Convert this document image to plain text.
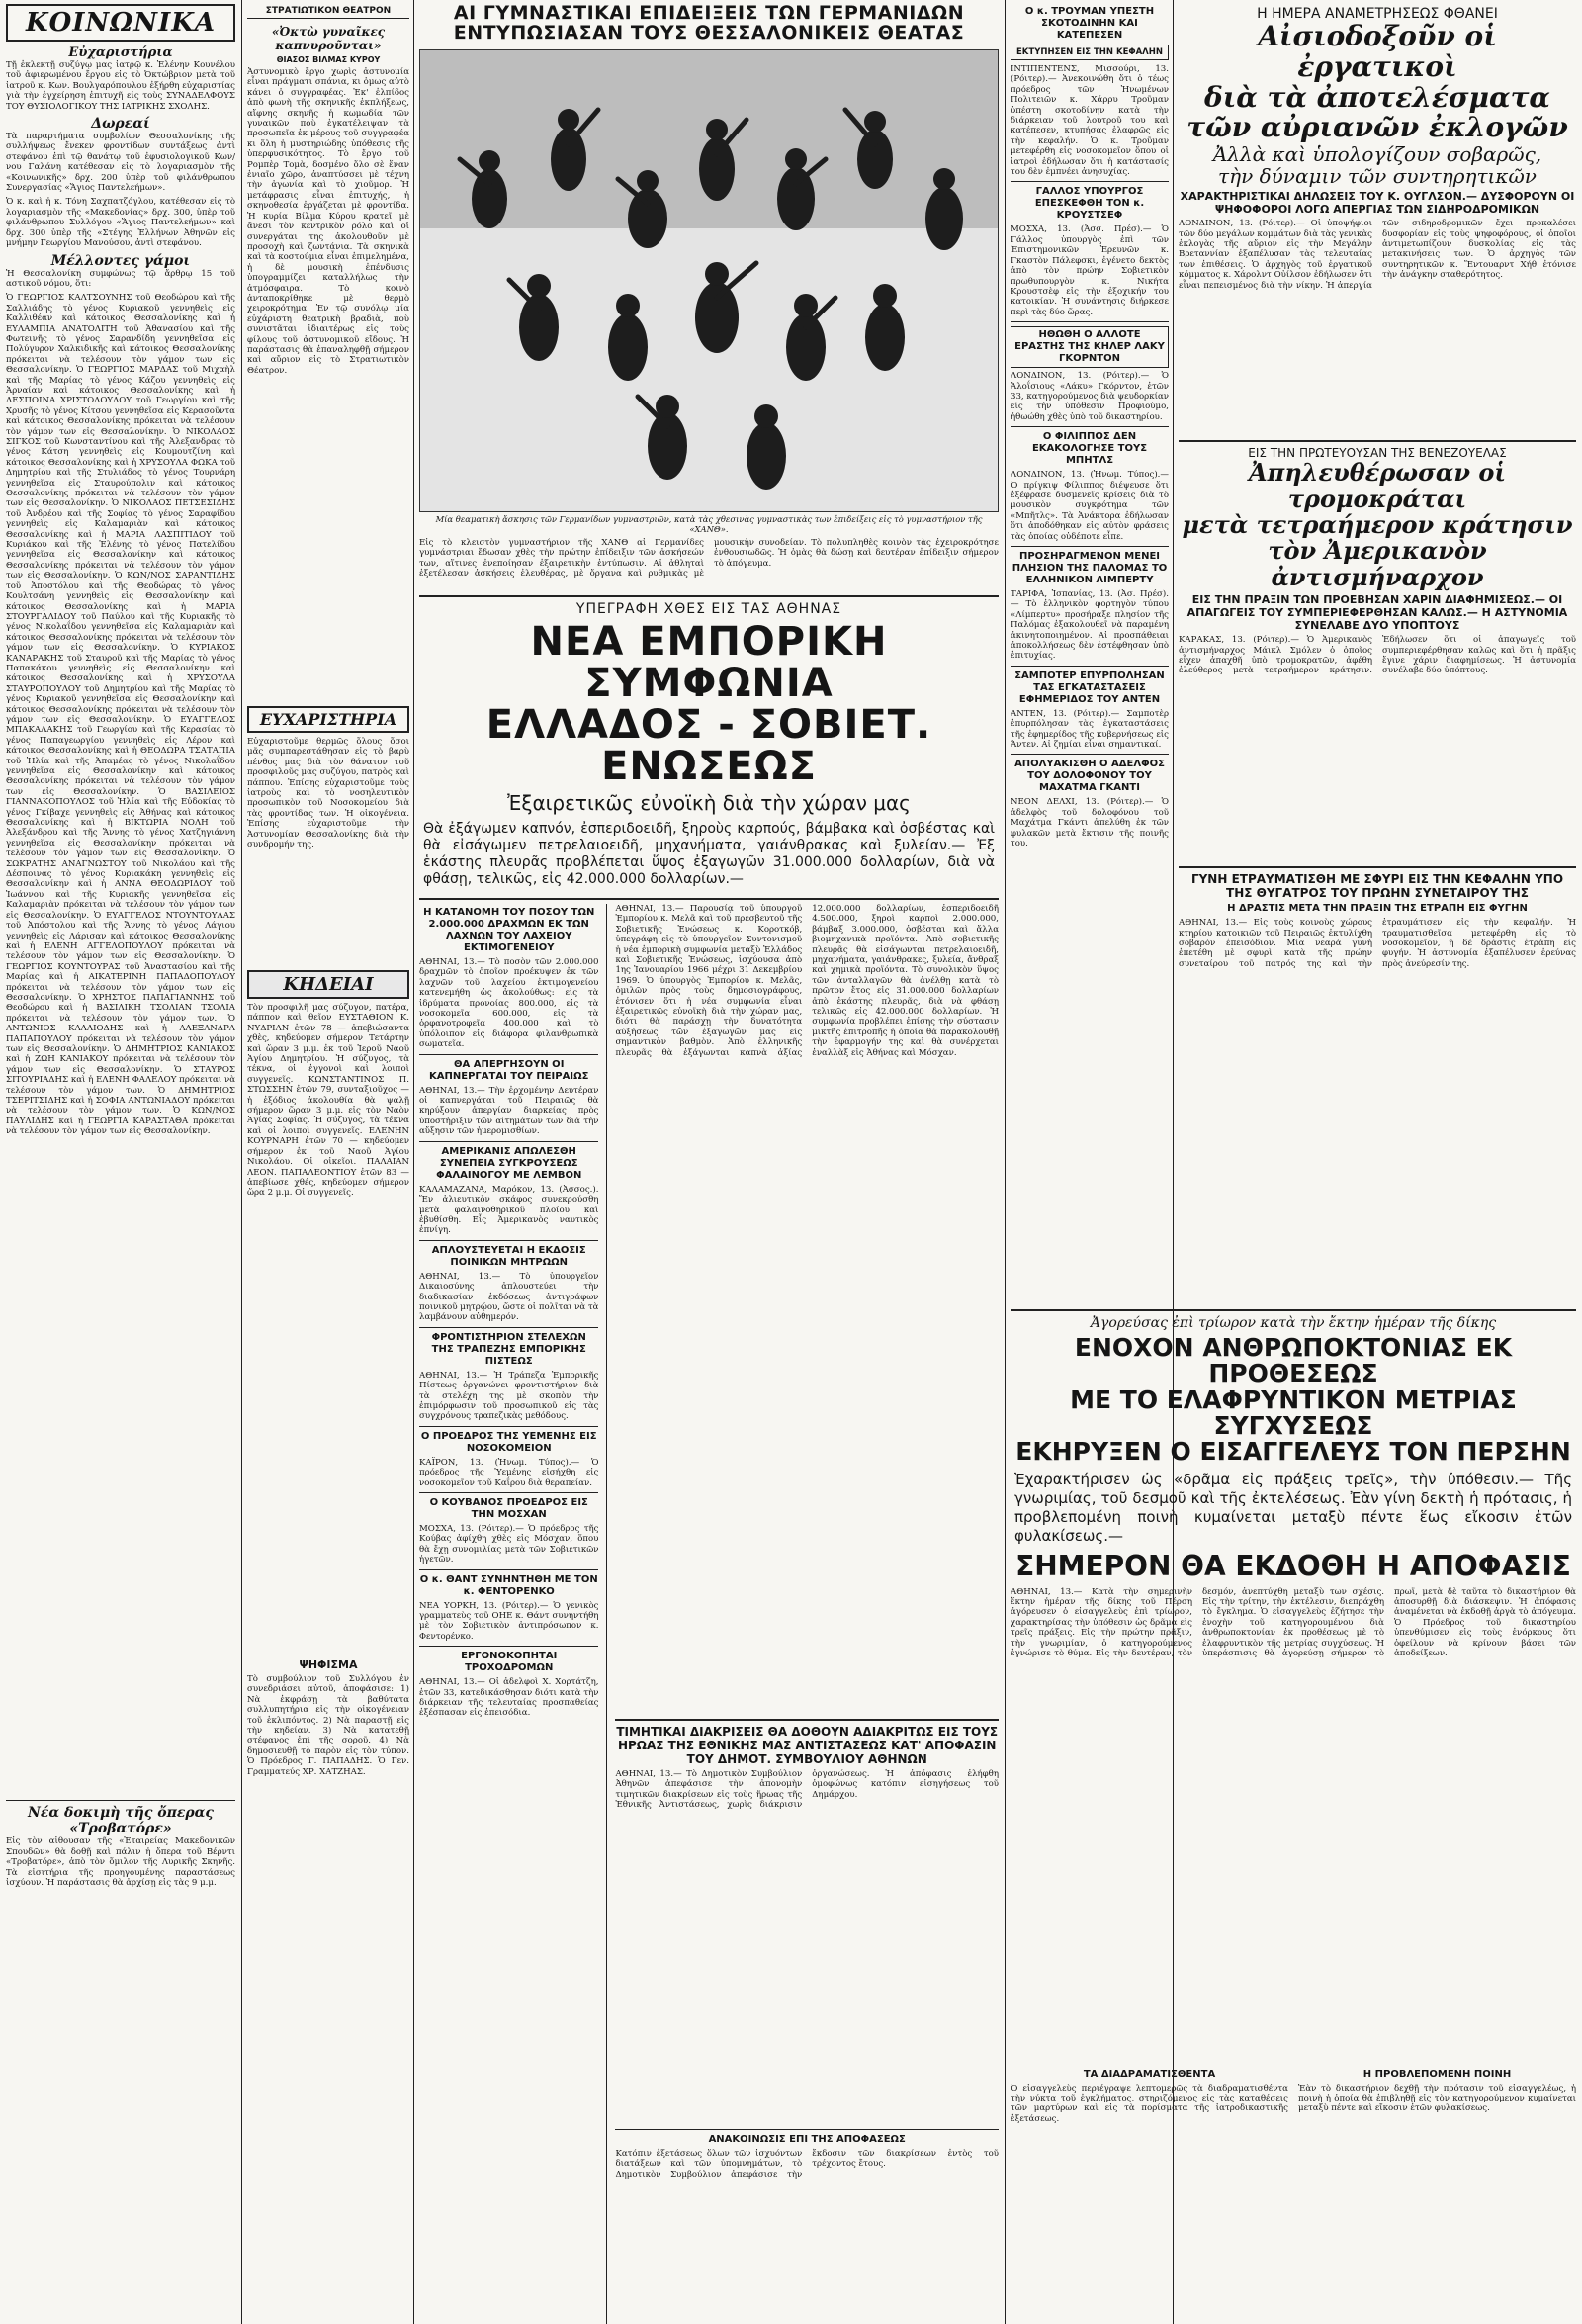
ΚΟΙΝΩΝΙΚΑ
Εὐχαριστήρια
Τῇ ἐκλεκτῇ συζύγῳ μας ἰατρῷ κ. Ἐλένην Κουνέλου τοῦ ἀφιερωμένου ἔργου εἰς τὸ Ὀκτώβριον μετὰ τοῦ ἰατροῦ κ. Κων. Βουλγαρόπουλου ἐξήρθη εὐχαριστίας γιὰ τὴν ἐγχείρηση ἐπιτυχῆ εἰς τοὺς ΣΥΝΑΔΕΛΦΟΥΣ ΤΟΥ ΘΥΣΙΟΛΟΓΙΚΟΥ ΤΗΣ ΙΑΤΡΙΚΗΣ ΣΧΟΛΗΣ.
Δωρεαί
Τὰ παραρτήματα συμβολίων Θεσσαλονίκης τῆς συλλήψεως ἔνεκεν φροντίδων συντάξεως ἀντὶ στεφάνου ἐπὶ τῷ θανάτῳ τοῦ ἐφυσιολογικοῦ Κων/νου Γαλάνη κατέθεσαν εἰς τὸ λογαριασμὸν τῆς «Κοινωνικῆς» δρχ. 200 ὑπὲρ τοῦ φιλάνθρωπου Συνεργασίας «Ἅγιος Παντελεήμων».
Ὁ κ. καὶ ἡ κ. Τόνη Σαχπατζόγλου, κατέθεσαν εἰς τὸ λογαριασμὸν τῆς «Μακεδονίας» δρχ. 300, ὑπὲρ τοῦ φιλάνθρωπου Συλλόγου «Ἅγιος Παντελεήμων» καὶ δρχ. 300 ὑπὲρ τῆς «Στέγης Ἑλλήνων Ἀθηνῶν εἰς μνήμην Γεωργίου Μανούσου, ἀντὶ στεφάνου.
Μέλλοντες γάμοι
Ἡ Θεσσαλονίκη συμφώνως τῷ ἄρθρῳ 15 τοῦ αστικοῦ νόμου, ὅτι:
Ὁ ΓΕΩΡΓΙΟΣ ΚΑΛΤΣΟΥΝΗΣ τοῦ Θεοδώρου καὶ τῆς Σαλλιάδης τὸ γένος Κυριακοῦ γεννηθεὶς εἰς Καλλιθέαν καὶ κάτοικος Θεσσαλονίκης καὶ ἡ ΕΥΛΑΜΠΙΑ ΑΝΑΤΟΛΙΤΗ τοῦ Ἀθανασίου καὶ τῆς Φωτεινῆς τὸ γένος Σαρανδίδη γεννηθεῖσα εἰς Πολύγυρον Χαλκιδικῆς καὶ κάτοικος Θεσσαλονίκης πρόκειται νὰ τελέσουν τὸν γάμον των εἰς Θεσσαλονίκην. Ὁ ΓΕΩΡΓΙΟΣ ΜΑΡΔΑΣ τοῦ Μιχαὴλ καὶ τῆς Μαρίας τὸ γένος Κάζου γεννηθεὶς εἰς Ἀρναίαν καὶ κάτοικος Θεσσαλονίκης καὶ ἡ ΔΕΣΠΟΙΝΑ ΧΡΙΣΤΟΔΟΥΛΟΥ τοῦ Γεωργίου καὶ τῆς Χρυσῆς τὸ γένος Κίτσου γεννηθεῖσα εἰς Κερασοῦντα καὶ κάτοικος Θεσσαλονίκης πρόκειται νὰ τελέσουν τὸν γάμον των εἰς Θεσσαλονίκην. Ὁ ΝΙΚΟΛΑΟΣ ΣΙΓΚΟΣ τοῦ Κωνσταντίνου καὶ τῆς Ἀλεξανδρας τὸ γένος Κάτση γεννηθεὶς εἰς Κουμουτζίνη καὶ κάτοικος Θεσσαλονίκης καὶ ἡ ΧΡΥΣΟΥΛΑ ΦΩΚΑ τοῦ Δημητρίου καὶ τῆς Στυλιάδος τὸ γένος Τουρνάρη γεννηθεῖσα εἰς Σταυρούπολιν καὶ κάτοικος Θεσσαλονίκης πρόκειται νὰ τελέσουν τὸν γάμον των εἰς Θεσσαλονίκην. Ὁ ΝΙΚΟΛΑΟΣ ΠΕΤΣΕΣΙΔΗΣ τοῦ Ἀνδρέου καὶ τῆς Σοφίας τὸ γένος Σαραφίδου γεννηθεὶς εἰς Καλαμαριὰν καὶ κάτοικος Θεσσαλονίκης καὶ ἡ ΜΑΡΙΑ ΛΑΣΠΙΤΙΔΟΥ τοῦ Κυριάκου καὶ τῆς Ἐλένης τὸ γένος Πατελίδου γεννηθεῖσα εἰς Θεσσαλονίκην καὶ κάτοικος Θεσσαλονίκης πρόκειται νὰ τελέσουν τὸν γάμον των εἰς Θεσσαλονίκην. Ὁ ΚΩΝ/ΝΟΣ ΣΑΡΑΝΤΙΔΗΣ τοῦ Ἀποστόλου καὶ τῆς Θεοδώρας τὸ γένος Κουλτσάνη γεννηθεὶς εἰς Θεσσαλονίκην καὶ κάτοικος Θεσσαλονίκης καὶ ἡ ΜΑΡΙΑ ΣΤΟΥΡΓΑΛΙΔΟΥ τοῦ Παύλου καὶ τῆς Κυριακῆς τὸ γένος Νικολαΐδου γεννηθεῖσα εἰς Καλαμαριὰν καὶ κάτοικος Θεσσαλονίκης πρόκειται νὰ τελέσουν τὸν γάμον των εἰς Θεσσαλονίκην. Ὁ ΚΥΡΙΑΚΟΣ ΚΑΝΑΡΑΚΗΣ τοῦ Σταυροῦ καὶ τῆς Μαρίας τὸ γένος Παπακάκου γεννηθεὶς εἰς Θεσσαλονίκην καὶ κάτοικος Θεσσαλονίκης καὶ ἡ ΧΡΥΣΟΥΛΑ ΣΤΑΥΡΟΠΟΥΛΟΥ τοῦ Δημητρίου καὶ τῆς Μαρίας τὸ γένος Κυριακοῦ γεννηθεῖσα εἰς Θεσσαλονίκην καὶ κάτοικος Θεσσαλονίκης πρόκειται νὰ τελέσουν τὸν γάμον των εἰς Θεσσαλονίκην. Ὁ ΕΥΑΓΓΕΛΟΣ ΜΠΑΚΑΛΑΚΗΣ τοῦ Γεωργίου καὶ τῆς Κερασίας τὸ γένος Παπαγεωργίου γεννηθεὶς εἰς Λέρον καὶ κάτοικος Θεσσαλονίκης καὶ ἡ ΘΕΟΔΩΡΑ ΤΣΑΤΑΠΙΑ τοῦ Ἠλία καὶ τῆς Ἀπαμέας τὸ γένος Νικολαΐδου γεννηθεῖσα εἰς Θεσσαλονίκην καὶ κάτοικος Θεσσαλονίκης πρόκειται νὰ τελέσουν τὸν γάμον των εἰς Θεσσαλονίκην. Ὁ ΒΑΣΙΛΕΙΟΣ ΓΙΑΝΝΑΚΟΠΟΥΛΟΣ τοῦ Ἠλία καὶ τῆς Εὐδοκίας τὸ γένος Γκίβαχε γεννηθεὶς εἰς Ἀθήνας καὶ κάτοικος Θεσσαλονίκης καὶ ἡ ΒΙΚΤΩΡΙΑ ΝΟΛΗ τοῦ Ἀλεξάνδρου καὶ τῆς Ἄννης τὸ γένος Χατζηγιάννη γεννηθεῖσα εἰς Θεσσαλονίκην πρόκειται νὰ τελέσουν τὸν γάμον των εἰς Θεσσαλονίκην. Ὁ ΣΩΚΡΑΤΗΣ ΑΝΑΓΝΩΣΤΟΥ τοῦ Νικολάου καὶ τῆς Δέσποινας τὸ γένος Κυριακάκη γεννηθεὶς εἰς Θεσσαλονίκην καὶ ἡ ΑΝΝΑ ΘΕΟΔΩΡΙΔΟΥ τοῦ Ἰωάννου καὶ τῆς Κυριακῆς γεννηθεῖσα εἰς Καλαμαριὰν πρόκειται νὰ τελέσουν τὸν γάμον των εἰς Θεσσαλονίκην. Ὁ ΕΥΑΓΓΕΛΟΣ ΝΤΟΥΝΤΟΥΛΑΣ τοῦ Ἀπόστολου καὶ τῆς Ἄννης τὸ γένος Λάγιου γεννηθεὶς εἰς Λάρισαν καὶ κάτοικος Θεσσαλονίκης καὶ ἡ ΕΛΕΝΗ ΑΓΓΕΛΟΠΟΥΛΟΥ πρόκειται νὰ τελέσουν τὸν γάμον των εἰς Θεσσαλονίκην. Ὁ ΓΕΩΡΓΙΟΣ ΚΟΥΝΤΟΥΡΑΣ τοῦ Ἀναστασίου καὶ τῆς Μαρίας καὶ ἡ ΑΙΚΑΤΕΡΙΝΗ ΠΑΠΑΔΟΠΟΥΛΟΥ πρόκειται νὰ τελέσουν τὸν γάμον των εἰς Θεσσαλονίκην. Ὁ ΧΡΗΣΤΟΣ ΠΑΠΑΓΙΑΝΝΗΣ τοῦ Θεοδώρου καὶ ἡ ΒΑΣΙΛΙΚΗ ΤΣΟΛΙΑΝ ΤΣΟΛΙΑ πρόκειται νὰ τελέσουν τὸν γάμον των. Ὁ ΑΝΤΩΝΙΟΣ ΚΑΛΛΙΟΔΗΣ καὶ ἡ ΑΛΕΞΑΝΔΡΑ ΠΑΠΑΠΟΥΛΟΥ πρόκειται νὰ τελέσουν τὸν γάμον των εἰς Θεσσαλονίκην. Ὁ ΔΗΜΗΤΡΙΟΣ ΚΑΝΙΑΚΟΣ καὶ ἡ ΖΩΗ ΚΑΝΙΑΚΟΥ πρόκειται νὰ τελέσουν τὸν γάμον των εἰς Θεσσαλονίκην. Ὁ ΣΤΑΥΡΟΣ ΣΙΤΟΥΡΙΑΔΗΣ καὶ ἡ ΕΛΕΝΗ ΦΑΛΕΛΟΥ πρόκειται νὰ τελέσουν τὸν γάμον των. Ὁ ΔΗΜΗΤΡΙΟΣ ΤΣΕΡΙΤΣΙΔΗΣ καὶ ἡ ΣΟΦΙΑ ΑΝΤΩΝΙΑΔΟΥ πρόκειται νὰ τελέσουν τὸν γάμον των. Ὁ ΚΩΝ/ΝΟΣ ΠΑΥΛΙΔΗΣ καὶ ἡ ΓΕΩΡΓΙΑ ΚΑΡΑΣΤΑΘΑ πρόκειται νὰ τελέσουν τὸν γάμον των εἰς Θεσσαλονίκην.
Νέα δοκιμὴ τῆς ὄπερας «Τροβατόρε»
Εἰς τὸν αἰθουσαν τῆς «Ἑταιρείας Μακεδονικῶν Σπουδῶν» θὰ δοθῇ καὶ πάλιν ἡ ὄπερα τοῦ Βέρντι «Τροβατόρε», ἀπὸ τὸν ὅμιλον τῆς Λυρικῆς Σκηνῆς. Τὰ εἰσιτήρια τῆς προηγουμένης παραστάσεως ἰσχύουν. Ἡ παράστασις θὰ ἀρχίσῃ εἰς τὰς 9 μ.μ.
ΣΤΡΑΤΙΩΤΙΚΟΝ ΘΕΑΤΡΟΝ
«Ὀκτὼ γυναῖκες καπνυροῦνται»
ΘΙΑΣΟΣ ΒΙΛΜΑΣ ΚΥΡΟΥ
Ἀστυνομικὸ ἔργο χωρὶς ἀστυνομία εἶναι πράγματι σπάνια, κι ὁμως αὐτὸ κάνει ὁ συγγραφέας. Ἐκ' ἐλπίδος ἀπὸ φωνὴ τῆς σκηνικῆς ἐκπλήξεως, αἴφνης σκηνῆς ἡ κωμωδία τῶν γυναικῶν ποὺ ἐγκατέλειψαν τὰ προσωπεῖα ἐκ μέρους τοῦ συγγραφέα κι ὅλη ἡ μυστηριώδης ὑπόθεσις τῆς ὑπερφυσικότητος. Τὸ ἔργο τοῦ Ρομπὲρ Τομὰ, δοσμένο ὅλο σὲ ἕναν ἐνιαῖο χῶρο, ἀναπτύσσει μὲ τέχνη τὴν ἀγωνία καὶ τὸ χιοῦμορ. Ἡ μετάφρασις εἶναι ἐπιτυχής, ἡ σκηνοθεσία ἐργάζεται μὲ φροντίδα. Ἡ κυρία Βίλμα Κύρου κρατεῖ μὲ ἄνεσι τὸν κεντρικὸν ρόλο καὶ οἱ συνεργάται της ἀκολουθοῦν μὲ προσοχὴ καὶ ζωντάνια. Τὰ σκηνικὰ καὶ τὰ κοστούμια εἶναι ἐπιμελημένα, ἡ δὲ μουσικὴ ἐπένδυσις ὑπογραμμίζει καταλλήλως τὴν ἀτμόσφαιρα. Τὸ κοινὸ ἀνταποκρίθηκε μὲ θερμὸ χειροκρότημα. Ἐν τῷ συνόλῳ μία εὐχάριστη θεατρικὴ βραδιὰ, ποὺ συνιστᾶται ἰδιαιτέρως εἰς τοὺς φίλους τοῦ ἀστυνομικοῦ εἴδους. Ἡ παράστασις θὰ ἐπαναληφθῇ σήμερον καὶ αὔριον εἰς τὸ Στρατιωτικὸν Θέατρον.
ΕΥΧΑΡΙΣΤΗΡΙΑ
Εὐχαριστοῦμε θερμῶς ὅλους ὅσοι μᾶς συμπαρεστάθησαν εἰς τὸ βαρὺ πένθος μας διὰ τὸν θάνατον τοῦ προσφιλοῦς μας συζύγου, πατρὸς καὶ πάππου. Ἐπίσης εὐχαριστοῦμε τοὺς ἰατροὺς καὶ τὸ νοσηλευτικὸν προσωπικὸν τοῦ Νοσοκομείου διὰ τὰς φροντίδας των. Ἡ οἰκογένεια. Ἐπίσης εὐχαριστοῦμε τὴν Ἀστυνομίαν Θεσσαλονίκης διὰ τὴν συνδρομήν της.
ΚΗΔΕΙΑΙ
Τὸν προσφιλῆ μας σύζυγον, πατέρα, πάππον καὶ θεῖον ΕΥΣΤΑΘΙΟΝ Κ. ΝΥΔΡΙΑΝ ἐτῶν 78 — ἀπεβιώσαντα χθὲς, κηδεύομεν σήμερον Τετάρτην καὶ ὥραν 3 μ.μ. ἐκ τοῦ Ἱεροῦ Ναοῦ Ἁγίου Δημητρίου. Ἡ σύζυγος, τὰ τέκνα, οἱ ἐγγονοὶ καὶ λοιποὶ συγγενεῖς. ΚΩΝΣΤΑΝΤΙΝΟΣ Π. ΣΤΩΣΣΗΝ ἐτῶν 79, συνταξιοῦχος — ἡ ἐξόδιος ἀκολουθία θὰ ψαλῇ σήμερον ὥραν 3 μ.μ. εἰς τὸν Ναὸν Ἁγίας Σοφίας. Ἡ σύζυγος, τὰ τέκνα καὶ οἱ λοιποὶ συγγενεῖς. ΕΛΕΝΗΝ ΚΟΥΡΝΑΡΗ ἐτῶν 70 — κηδεύομεν σήμερον ἐκ τοῦ Ναοῦ Ἁγίου Νικολάου. Οἱ οἰκεῖοι. ΠΑΛΑΙΑΝ ΛΕΟΝ. ΠΑΠΑΛΕΟΝΤΙΟΥ ἐτῶν 83 — ἀπεβίωσε χθές, κηδεύομεν σήμερον ὥρα 2 μ.μ. Οἱ συγγενεῖς.
ΨΗΦΙΣΜΑ
Τὸ συμβούλιον τοῦ Συλλόγου ἐν συνεδριάσει αὐτοῦ, ἀποφάσισε: 1) Νὰ ἐκφράσῃ τὰ βαθύτατα συλλυπητήρια εἰς τὴν οἰκογένειαν τοῦ ἐκλιπόντος. 2) Νὰ παραστῇ εἰς τὴν κηδείαν. 3) Νὰ κατατεθῇ στέφανος ἐπὶ τῆς σοροῦ. 4) Νὰ δημοσιευθῇ τὸ παρὸν εἰς τὸν τύπον. Ὁ Πρόεδρος Γ. ΠΑΠΑΔΗΣ. Ὁ Γεν. Γραμματεύς ΧΡ. ΧΑΤΖΗΑΣ.
ΑΙ ΓΥΜΝΑΣΤΙΚΑΙ ΕΠΙΔΕΙΞΕΙΣ ΤΩΝ ΓΕΡΜΑΝΙΔΩΝ ΕΝΤΥΠΩΣΙΑΣΑΝ ΤΟΥΣ ΘΕΣΣΑΛΟΝΙΚΕΙΣ ΘΕΑΤΑΣ
Μία θεαματικὴ ἄσκησις τῶν Γερμανίδων γυμναστριῶν, κατὰ τὰς χθεσινὰς γυμναστικὰς των ἐπιδείξεις εἰς τὸ γυμναστήριον τῆς «ΧΑΝΘ».
Εἰς τὸ κλειστὸν γυμναστήριον τῆς ΧΑΝΘ αἱ Γερμανίδες γυμνάστριαι ἔδωσαν χθὲς τὴν πρώτην ἐπίδειξιν τῶν ἀσκήσεών των, αἵτινες ἐνεποίησαν ἐξαιρετικὴν ἐντύπωσιν. Αἱ ἀθληταὶ ἐξετέλεσαν ἀσκήσεις ἐλευθέρας, μὲ ὄργανα καὶ ρυθμικὰς μὲ μουσικὴν συνοδείαν. Τὸ πολυπληθὲς κοινὸν τὰς ἐχειροκρότησε ἐνθουσιωδῶς. Ἡ ὁμὰς θὰ δώσῃ καὶ δευτέραν ἐπίδειξιν σήμερον τὸ ἀπόγευμα.
ΥΠΕΓΡΑΦΗ ΧΘΕΣ ΕΙΣ ΤΑΣ ΑΘΗΝΑΣ
ΝΕΑ ΕΜΠΟΡΙΚΗ ΣΥΜΦΩΝΙΑ
ΕΛΛΑΔΟΣ - ΣΟΒΙΕΤ. ΕΝΩΣΕΩΣ
Ἐξαιρετικῶς εὐνοϊκὴ διὰ τὴν χώραν μας
Θὰ ἐξάγωμεν καπνόν, ἐσπεριδοειδῆ, ξηροὺς καρπούς, βάμβακα καὶ ὀσβέστας καὶ θὰ εἰσάγωμεν πετρελαιοειδῆ, μηχανήματα, γαιάνθρακας καὶ ξυλείαν.— Ἐξ ἑκάστης πλευρᾶς προβλέπεται ὕψος ἐξαγωγῶν 31.000.000 δολλαρίων, διὰ νὰ φθάσῃ, τελικῶς, εἰς 42.000.000 δολλαρίων.—
Η ΚΑΤΑΝΟΜΗ ΤΟΥ ΠΟΣΟΥ ΤΩΝ 2.000.000 ΔΡΑΧΜΩΝ ΕΚ ΤΩΝ ΛΑΧΝΩΝ ΤΟΥ ΛΑΧΕΙΟΥ ΕΚΤΙΜΟΓΕΝΕΙΟΥ
ΑΘΗΝΑΙ, 13.— Τὸ ποσὸν τῶν 2.000.000 δραχμῶν τὸ ὁποῖον προέκυψεν ἐκ τῶν λαχνῶν τοῦ λαχείου ἐκτιμογενείου κατενεμήθη ὡς ἀκολούθως: εἰς τὰ ἱδρύματα προνοίας 800.000, εἰς τὰ νοσοκομεῖα 600.000, εἰς τὰ ὀρφανοτροφεῖα 400.000 καὶ τὸ ὑπόλοιπον εἰς διάφορα φιλανθρωπικὰ σωματεῖα.
ΘΑ ΑΠΕΡΓΗΣΟΥΝ ΟΙ ΚΑΠΝΕΡΓΑΤΑΙ ΤΟΥ ΠΕΙΡΑΙΩΣ
ΑΘΗΝΑΙ, 13.— Τὴν ἐρχομένην Δευτέραν οἱ καπνεργάται τοῦ Πειραιῶς θὰ κηρύξουν ἀπεργίαν διαρκείας πρὸς ὑποστήριξιν τῶν αἰτημάτων των διὰ τὴν αὔξησιν τῶν ἡμερομισθίων.
ΑΜΕΡΙΚΑΝΙΣ ΑΠΩΛΕΣΘΗ ΣΥΝΕΠΕΙΑ ΣΥΓΚΡΟΥΣΕΩΣ ΦΑΛΑΙΝΟΓΟΥ ΜΕ ΛΕΜΒΟΝ
ΚΑΛΑΜΑΖΑΝΑ, Μαρόκον, 13. (Ἀσσος.). Ἕν ἁλιευτικὸν σκάφος συνεκρούσθη μετὰ φαλαινοθηρικοῦ πλοίου καὶ ἐβυθίσθη. Εἷς Ἀμερικανὸς ναυτικὸς ἐπνίγη.
ΑΠΛΟΥΣΤΕΥΕΤΑΙ Η ΕΚΔΟΣΙΣ ΠΟΙΝΙΚΩΝ ΜΗΤΡΩΩΝ
ΑΘΗΝΑΙ, 13.— Τὸ ὑπουργεῖον Δικαιοσύνης ἀπλουστεύει τὴν διαδικασίαν ἐκδόσεως ἀντιγράφων ποινικοῦ μητρῴου, ὥστε οἱ πολῖται νὰ τὰ λαμβάνουν αὐθημερόν.
ΦΡΟΝΤΙΣΤΗΡΙΟΝ ΣΤΕΛΕΧΩΝ ΤΗΣ ΤΡΑΠΕΖΗΣ ΕΜΠΟΡΙΚΗΣ ΠΙΣΤΕΩΣ
ΑΘΗΝΑΙ, 13.— Ἡ Τράπεζα Ἐμπορικῆς Πίστεως ὀργανώνει φροντιστήριον διὰ τὰ στελέχη της μὲ σκοπὸν τὴν ἐπιμόρφωσιν τοῦ προσωπικοῦ εἰς τὰς συγχρόνους τραπεζικὰς μεθόδους.
Ο ΠΡΟΕΔΡΟΣ ΤΗΣ ΥΕΜΕΝΗΣ ΕΙΣ ΝΟΣΟΚΟΜΕΙΟΝ
ΚΑΪΡΟΝ, 13. (Ἡνωμ. Τύπος).— Ὁ πρόεδρος τῆς Ὑεμένης εἰσήχθη εἰς νοσοκομεῖον τοῦ Καΐρου διὰ θεραπείαν.
Ο ΚΟΥΒΑΝΟΣ ΠΡΟΕΔΡΟΣ ΕΙΣ ΤΗΝ ΜΟΣΧΑΝ
ΜΟΣΧΑ, 13. (Ρόιτερ).— Ὁ πρόεδρος τῆς Κούβας ἀφίχθη χθὲς εἰς Μόσχαν, ὅπου θὰ ἔχῃ συνομιλίας μετὰ τῶν Σοβιετικῶν ἡγετῶν.
Ο κ. ΘΑΝΤ ΣΥΝΗΝΤΗΘΗ ΜΕ ΤΟΝ κ. ΦΕΝΤΟΡΕΝΚΟ
ΝΕΑ ΥΟΡΚΗ, 13. (Ρόιτερ).— Ὁ γενικὸς γραμματεὺς τοῦ ΟΗΕ κ. Θάντ συνηντήθη μὲ τὸν Σοβιετικὸν ἀντιπρόσωπον κ. Φεντορένκο.
ΕΡΓΟΝΟΚΟΠΗΤΑΙ ΤΡΟΧΟΔΡΟΜΩΝ
ΑΘΗΝΑΙ, 13.— Οἱ ἀδελφοὶ Χ. Χορτάτζη, ἐτῶν 33, κατεδικάσθησαν διότι κατὰ τὴν διάρκειαν τῆς τελευταίας προσπαθείας ἐξέσπασαν εἰς ἐπεισόδια.
ΑΘΗΝΑΙ, 13.— Παρουσίᾳ τοῦ ὑπουργοῦ Ἐμπορίου κ. Μελᾶ καὶ τοῦ πρεσβευτοῦ τῆς Σοβιετικῆς Ἑνώσεως κ. Κοροτκόβ, ὑπεγράφη εἰς τὸ ὑπουργεῖον Συντονισμοῦ ἡ νέα ἐμπορικὴ συμφωνία μεταξὺ Ἑλλάδος καὶ Σοβιετικῆς Ἑνώσεως, ἰσχύουσα ἀπὸ 1ης Ἰανουαρίου 1966 μέχρι 31 Δεκεμβρίου 1969. Ὁ ὑπουργὸς Ἐμπορίου κ. Μελᾶς, ὁμιλῶν πρὸς τοὺς δημοσιογράφους, ἐτόνισεν ὅτι ἡ νέα συμφωνία εἶναι ἐξαιρετικῶς εὐνοϊκὴ διὰ τὴν χώραν μας, διότι θὰ παράσχῃ τὴν δυνατότητα αὐξήσεως τῶν ἐξαγωγῶν μας εἰς σημαντικὸν βαθμὸν. Ἀπὸ ἑλληνικῆς πλευρᾶς θὰ ἐξάγωνται καπνὰ ἀξίας 12.000.000 δολλαρίων, ἐσπεριδοειδῆ 4.500.000, ξηροὶ καρποὶ 2.000.000, βάμβαξ 3.000.000, ὀσβέσται καὶ ἄλλα βιομηχανικὰ προϊόντα. Ἀπὸ σοβιετικῆς πλευρᾶς θὰ εἰσάγωνται πετρελαιοειδῆ, μηχανήματα, γαιάνθρακες, ξυλεία, ἄνθραξ καὶ χημικὰ προϊόντα. Τὸ συνολικὸν ὕψος τῶν ἀνταλλαγῶν θὰ ἀνέλθῃ κατὰ τὸ πρῶτον ἔτος εἰς 31.000.000 δολλαρίων ἀπὸ ἑκάστης πλευρᾶς, διὰ νὰ φθάσῃ τελικῶς εἰς 42.000.000 δολλαρίων. Ἡ συμφωνία προβλέπει ἐπίσης τὴν σύστασιν μικτῆς ἐπιτροπῆς ἡ ὁποία θὰ παρακολουθῇ τὴν ἐφαρμογήν της καὶ θὰ συνέρχεται ἐναλλὰξ εἰς Ἀθήνας καὶ Μόσχαν.
ΤΙΜΗΤΙΚΑΙ ΔΙΑΚΡΙΣΕΙΣ ΘΑ ΔΟΘΟΥΝ ΑΔΙΑΚΡΙΤΩΣ ΕΙΣ ΤΟΥΣ ΗΡΩΑΣ ΤΗΣ ΕΘΝΙΚΗΣ ΜΑΣ ΑΝΤΙΣΤΑΣΕΩΣ ΚΑΤ' ΑΠΟΦΑΣΙΝ ΤΟΥ ΔΗΜΟΤ. ΣΥΜΒΟΥΛΙΟΥ ΑΘΗΝΩΝ
ΑΘΗΝΑΙ, 13.— Τὸ Δημοτικὸν Συμβούλιον Ἀθηνῶν ἀπεφάσισε τὴν ἀπονομὴν τιμητικῶν διακρίσεων εἰς τοὺς ἥρωας τῆς Ἐθνικῆς Ἀντιστάσεως, χωρὶς διάκρισιν ὀργανώσεως. Ἡ ἀπόφασις ἐλήφθη ὁμοφώνως κατόπιν εἰσηγήσεως τοῦ Δημάρχου.
ΑΝΑΚΟΙΝΩΣΙΣ ΕΠΙ ΤΗΣ ΑΠΟΦΑΣΕΩΣ
Κατόπιν ἐξετάσεως ὅλων τῶν ἰσχυόντων διατάξεων καὶ τῶν ὑπομνημάτων, τὸ Δημοτικὸν Συμβούλιον ἀπεφάσισε τὴν ἔκδοσιν τῶν διακρίσεων ἐντὸς τοῦ τρέχοντος ἔτους.
Ο κ. ΤΡΟΥΜΑΝ ΥΠΕΣΤΗ ΣΚΟΤΟΔΙΝΗΝ ΚΑΙ ΚΑΤΕΠΕΣΕΝ
ΕΚΤΥΠΗΣΕΝ ΕΙΣ ΤΗΝ ΚΕΦΑΛΗΝ
ΙΝΤΙΠΕΝΤΕΝΣ, Μισσούρι, 13. (Ρόιτερ).— Ἀνεκοινώθη ὅτι ὁ τέως πρόεδρος τῶν Ἡνωμένων Πολιτειῶν κ. Χάρρυ Τροῦμαν ὑπέστη σκοτοδίνην κατὰ τὴν διάρκειαν τοῦ λουτροῦ του καὶ κατέπεσεν, κτυπήσας ἐλαφρῶς εἰς τὴν κεφαλήν. Ὁ κ. Τροῦμαν μετεφέρθη εἰς νοσοκομεῖον ὅπου οἱ ἰατροὶ ἐδήλωσαν ὅτι ἡ κατάστασίς του δὲν ἐμπνέει ἀνησυχίας.
ΓΑΛΛΟΣ ΥΠΟΥΡΓΟΣ ΕΠΕΣΚΕΦΘΗ ΤΟΝ κ. ΚΡΟΥΣΤΣΕΦ
ΜΟΣΧΑ, 13. (Ἀσσ. Πρέσ).— Ὁ Γάλλος ὑπουργὸς ἐπὶ τῶν Ἐπιστημονικῶν Ἐρευνῶν κ. Γκαστὸν Πάλεφσκι, ἐγένετο δεκτὸς ἀπὸ τὸν πρώην Σοβιετικὸν πρωθυπουργὸν κ. Νικήτα Κρουστσὲφ εἰς τὴν ἐξοχικήν του κατοικίαν. Ἡ συνάντησις διήρκεσε περὶ τὰς δύο ὥρας.
ΗΘΩΘΗ Ο ΑΛΛΟΤΕ ΕΡΑΣΤΗΣ ΤΗΣ ΚΗΛΕΡ ΛΑΚΥ ΓΚΟΡΝΤΟΝ
ΛΟΝΔΙΝΟΝ, 13. (Ρόιτερ).— Ὁ Ἀλοΐσιους «Λάκυ» Γκόρντον, ἐτῶν 33, κατηγορούμενος διὰ ψευδορκίαν εἰς τὴν ὑπόθεσιν Προφιούμο, ἠθωώθη χθὲς ὑπὸ τοῦ δικαστηρίου.
Ο ΦΙΛΙΠΠΟΣ ΔΕΝ ΕΚΑΚΟΛΟΓΗΣΕ ΤΟΥΣ ΜΠΗΤΛΣ
ΛΟΝΔΙΝΟΝ, 13. (Ἡνωμ. Τύπος).— Ὁ πρίγκιψ Φίλιππος διέψευσε ὅτι ἐξέφρασε δυσμενεῖς κρίσεις διὰ τὸ μουσικὸν συγκρότημα τῶν «Μπῆτλς». Τὰ Ἀνάκτορα ἐδήλωσαν ὅτι ἀποδόθηκαν εἰς αὐτὸν φράσεις τὰς ὁποίας οὐδέποτε εἶπε.
ΠΡΟΣΗΡΑΓΜΕΝΟΝ ΜΕΝΕΙ ΠΛΗΣΙΟΝ ΤΗΣ ΠΑΛΟΜΑΣ ΤΟ ΕΛΛΗΝΙΚΟΝ ΛΙΜΠΕΡΤΥ
ΤΑΡΙΦΑ, Ἱσπανίας, 13. (Ἀσ. Πρέσ).— Τὸ ἑλληνικὸν φορτηγὸν τύπου «Λίμπερτυ» προσήραξε πλησίον τῆς Παλόμας ἐξακολουθεῖ νὰ παραμένη ἀκινητοποιημένον. Αἱ προσπάθειαι ἀποκολλήσεως δὲν ἐστέφθησαν ὑπὸ ἐπιτυχίας.
ΣΑΜΠΟΤΕΡ ΕΠΥΡΠΟΛΗΣΑΝ ΤΑΣ ΕΓΚΑΤΑΣΤΑΣΕΙΣ ΕΦΗΜΕΡΙΔΟΣ ΤΟΥ ΑΝΤΕΝ
ΑΝΤΕΝ, 13. (Ρόιτερ).— Σαμποτὲρ ἐπυρπόλησαν τὰς ἐγκαταστάσεις τῆς ἐφημερίδος τῆς κυβερνήσεως εἰς Ἄντεν. Αἱ ζημίαι εἶναι σημαντικαί.
ΑΠΟΛΥΑΚΙΣΘΗ Ο ΑΔΕΛΦΟΣ ΤΟΥ ΔΟΛΟΦΟΝΟΥ ΤΟΥ ΜΑΧΑΤΜΑ ΓΚΑΝΤΙ
ΝΕΟΝ ΔΕΛΧΙ, 13. (Ρόιτερ).— Ὁ ἀδελφὸς τοῦ δολοφόνου τοῦ Μαχάτμα Γκάντι ἀπελύθη ἐκ τῶν φυλακῶν μετὰ ἔκτισιν τῆς ποινῆς του.
Η ΗΜΕΡΑ ΑΝΑΜΕΤΡΗΣΕΩΣ ΦΘΑΝΕΙ
Αἰσιοδοξοῦν οἱ ἐργατικοὶ
διὰ τὰ ἀποτελέσματα
τῶν αὐριανῶν ἐκλογῶν
Ἀλλὰ καὶ ὑπολογίζουν σοβαρῶς,
τὴν δύναμιν τῶν συντηρητικῶν
ΧΑΡΑΚΤΗΡΙΣΤΙΚΑΙ ΔΗΛΩΣΕΙΣ ΤΟΥ Κ. ΟΥΓΛΣΟΝ.— ΔΥΣΦΟΡΟΥΝ ΟΙ ΨΗΦΟΦΟΡΟΙ ΛΟΓΩ ΑΠΕΡΓΙΑΣ ΤΩΝ ΣΙΔΗΡΟΔΡΟΜΙΚΩΝ
ΛΟΝΔΙΝΟΝ, 13. (Ρόιτερ).— Οἱ ὑποψήφιοι τῶν δύο μεγάλων κομμάτων διὰ τὰς γενικὰς ἐκλογὰς τῆς αὔριον εἰς τὴν Μεγάλην Βρεταννίαν ἐξαπέλυσαν τὰς τελευταίας των ἐπιθέσεις. Ὁ ἀρχηγὸς τοῦ ἐργατικοῦ κόμματος κ. Χάρολντ Οὐίλσον ἐδήλωσεν ὅτι εἶναι πεπεισμένος διὰ τὴν νίκην. Ἡ ἀπεργία τῶν σιδηροδρομικῶν ἔχει προκαλέσει δυσφορίαν εἰς τοὺς ψηφοφόρους, οἱ ὁποῖοι ἀντιμετωπίζουν δυσκολίας εἰς τὰς μετακινήσεις των. Ὁ ἀρχηγὸς τῶν συντηρητικῶν κ. Ἕντουαρντ Χήθ ἐτόνισε τὴν ἀνάγκην σταθερότητος.
ΕΙΣ ΤΗΝ ΠΡΩΤΕΥΟΥΣΑΝ ΤΗΣ ΒΕΝΕΖΟΥΕΛΑΣ
Ἀπηλευθέρωσαν οἱ τρομοκράται
μετὰ τετραήμερον κράτησιν
τὸν Ἀμερικανὸν ἀντισμήναρχον
ΕΙΣ ΤΗΝ ΠΡΑΞΙΝ ΤΩΝ ΠΡΟΕΒΗΣΑΝ ΧΑΡΙΝ ΔΙΑΦΗΜΙΣΕΩΣ.— ΟΙ ΑΠΑΓΩΓΕΙΣ ΤΟΥ ΣΥΜΠΕΡΙΕΦΕΡΘΗΣΑΝ ΚΑΛΩΣ.— Η ΑΣΤΥΝΟΜΙΑ ΣΥΝΕΛΑΒΕ ΔΥΟ ΥΠΟΠΤΟΥΣ
ΚΑΡΑΚΑΣ, 13. (Ρόιτερ).— Ὁ Ἀμερικανὸς ἀντισμήναρχος Μάικλ Σμόλεν ὁ ὁποῖος εἶχεν ἀπαχθῆ ὑπὸ τρομοκρατῶν, ἀφέθη ἐλεύθερος μετὰ τετραήμερον κράτησιν. Ἐδήλωσεν ὅτι οἱ ἀπαγωγεῖς τοῦ συμπεριεφέρθησαν καλῶς καὶ ὅτι ἡ πρᾶξις ἔγινε χάριν διαφημίσεως. Ἡ ἀστυνομία συνέλαβε δύο ὑπόπτους.
ΓΥΝΗ ΕΤΡΑΥΜΑΤΙΣΘΗ ΜΕ ΣΦΥΡΙ ΕΙΣ ΤΗΝ ΚΕΦΑΛΗΝ ΥΠΟ ΤΗΣ ΘΥΓΑΤΡΟΣ ΤΟΥ ΠΡΩΗΝ ΣΥΝΕΤΑΙΡΟΥ ΤΗΣ
Η ΔΡΑΣΤΙΣ ΜΕΤΑ ΤΗΝ ΠΡΑΞΙΝ ΤΗΣ ΕΤΡΑΠΗ ΕΙΣ ΦΥΓΗΝ
ΑΘΗΝΑΙ, 13.— Εἰς τοὺς κοινοὺς χώρους κτηρίου κατοικιῶν τοῦ Πειραιῶς ἐκτυλίχθη σοβαρὸν ἐπεισόδιον. Μία νεαρὰ γυνὴ ἐπετέθη μὲ σφυρὶ κατὰ τῆς πρώην συνεταίρου τοῦ πατρός της καὶ τὴν ἐτραυμάτισεν εἰς τὴν κεφαλήν. Ἡ τραυματισθεῖσα μετεφέρθη εἰς τὸ νοσοκομεῖον, ἡ δὲ δράστις ἐτράπη εἰς φυγήν. Ἡ ἀστυνομία ἐξαπέλυσεν ἐρεύνας πρὸς ἀνεύρεσίν της.
Ἀγορεύσας ἐπὶ τρίωρον κατὰ τὴν ἔκτην ἡμέραν τῆς δίκης
ΕΝΟΧΟΝ ΑΝΘΡΩΠΟΚΤΟΝΙΑΣ ΕΚ ΠΡΟΘΕΣΕΩΣ
ΜΕ ΤΟ ΕΛΑΦΡΥΝΤΙΚΟΝ ΜΕΤΡΙΑΣ ΣΥΓΧΥΣΕΩΣ
ΕΚΗΡΥΞΕΝ Ο ΕΙΣΑΓΓΕΛΕΥΣ ΤΟΝ ΠΕΡΣΗΝ
Ἐχαρακτήρισεν ὡς «δρᾶμα εἰς πράξεις τρεῖς», τὴν ὑπόθεσιν.— Τῆς γνωριμίας, τοῦ δεσμοῦ καὶ τῆς ἐκτελέσεως. Ἐὰν γίνη δεκτὴ ἡ πρότασις, ἡ προβλεπομένη ποινὴ κυμαίνεται μεταξὺ πέντε ἕως εἴκοσιν ἐτῶν φυλακίσεως.—
ΣΗΜΕΡΟΝ ΘΑ ΕΚΔΟΘΗ Η ΑΠΟΦΑΣΙΣ
ΑΘΗΝΑΙ, 13.— Κατὰ τὴν σημερινὴν ἕκτην ἡμέραν τῆς δίκης τοῦ Πέρση ἀγόρευσεν ὁ εἰσαγγελεὺς ἐπὶ τρίωρον, χαρακτηρίσας τὴν ὑπόθεσιν ὡς δρᾶμα εἰς τρεῖς πράξεις. Εἰς τὴν πρώτην πρᾶξιν, τὴν γνωριμίαν, ὁ κατηγορούμενος ἐγνώρισε τὸ θύμα. Εἰς τὴν δευτέραν, τὸν δεσμόν, ἀνεπτύχθη μεταξὺ των σχέσις. Εἰς τὴν τρίτην, τὴν ἐκτέλεσιν, διεπράχθη τὸ ἔγκλημα. Ὁ εἰσαγγελεὺς ἐζήτησε τὴν ἐνοχὴν τοῦ κατηγορουμένου διὰ ἀνθρωποκτονίαν ἐκ προθέσεως μὲ τὸ ἐλαφρυντικὸν τῆς μετρίας συγχύσεως. Ἡ ὑπεράσπισις θὰ ἀγορεύσῃ σήμερον τὸ πρωΐ, μετὰ δὲ ταῦτα τὸ δικαστήριον θὰ ἀποσυρθῇ διὰ διάσκεψιν. Ἡ ἀπόφασις ἀναμένεται νὰ ἐκδοθῇ ἀργὰ τὸ ἀπόγευμα. Ὁ Πρόεδρος τοῦ δικαστηρίου ὑπενθύμισεν εἰς τοὺς ἐνόρκους ὅτι ὀφείλουν νὰ κρίνουν βάσει τῶν ἀποδείξεων.
ΤΑ ΔΙΑΔΡΑΜΑΤΙΣΘΕΝΤΑ
Ὁ εἰσαγγελεὺς περιέγραψε λεπτομερῶς τὰ διαδραματισθέντα τὴν νύκτα τοῦ ἐγκλήματος, στηριζόμενος εἰς τὰς καταθέσεις τῶν μαρτύρων καὶ εἰς τὰ πορίσματα τῆς ἰατροδικαστικῆς ἐξετάσεως.
Η ΠΡΟΒΛΕΠΟΜΕΝΗ ΠΟΙΝΗ
Ἐὰν τὸ δικαστήριον δεχθῇ τὴν πρότασιν τοῦ εἰσαγγελέως, ἡ ποινὴ ἡ ὁποία θὰ ἐπιβληθῇ εἰς τὸν κατηγορούμενον κυμαίνεται μεταξὺ πέντε καὶ εἴκοσιν ἐτῶν φυλακίσεως.
